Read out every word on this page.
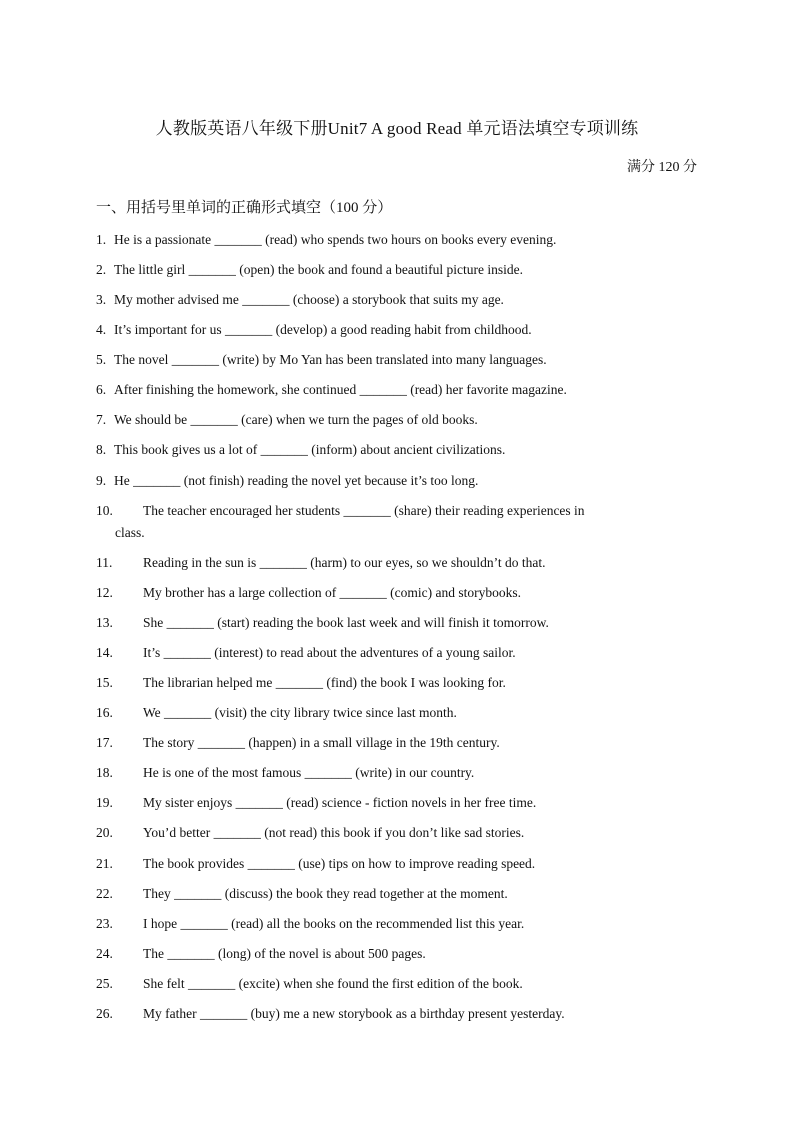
人教版英语八年级下册Unit7 A good Read 单元语法填空专项训练
满分 120 分
一、用括号里单词的正确形式填空（100 分）
1. He is a passionate _______ (read) who spends two hours on books every evening.
2. The little girl _______ (open) the book and found a beautiful picture inside.
3. My mother advised me _______ (choose) a storybook that suits my age.
4. It’s important for us _______ (develop) a good reading habit from childhood.
5. The novel _______ (write) by Mo Yan has been translated into many languages.
6. After finishing the homework, she continued _______ (read) her favorite magazine.
7. We should be _______ (care) when we turn the pages of old books.
8. This book gives us a lot of _______ (inform) about ancient civilizations.
9. He _______ (not finish) reading the novel yet because it’s too long.
10. The teacher encouraged her students _______ (share) their reading experiences in
class.
11. Reading in the sun is _______ (harm) to our eyes, so we shouldn’t do that.
12. My brother has a large collection of _______ (comic) and storybooks.
13. She _______ (start) reading the book last week and will finish it tomorrow.
14. It’s _______ (interest) to read about the adventures of a young sailor.
15. The librarian helped me _______ (find) the book I was looking for.
16. We _______ (visit) the city library twice since last month.
17. The story _______ (happen) in a small village in the 19th century.
18. He is one of the most famous _______ (write) in our country.
19. My sister enjoys _______ (read) science - fiction novels in her free time.
20. You’d better _______ (not read) this book if you don’t like sad stories.
21. The book provides _______ (use) tips on how to improve reading speed.
22. They _______ (discuss) the book they read together at the moment.
23. I hope _______ (read) all the books on the recommended list this year.
24. The _______ (long) of the novel is about 500 pages.
25. She felt _______ (excite) when she found the first edition of the book.
26. My father _______ (buy) me a new storybook as a birthday present yesterday.
